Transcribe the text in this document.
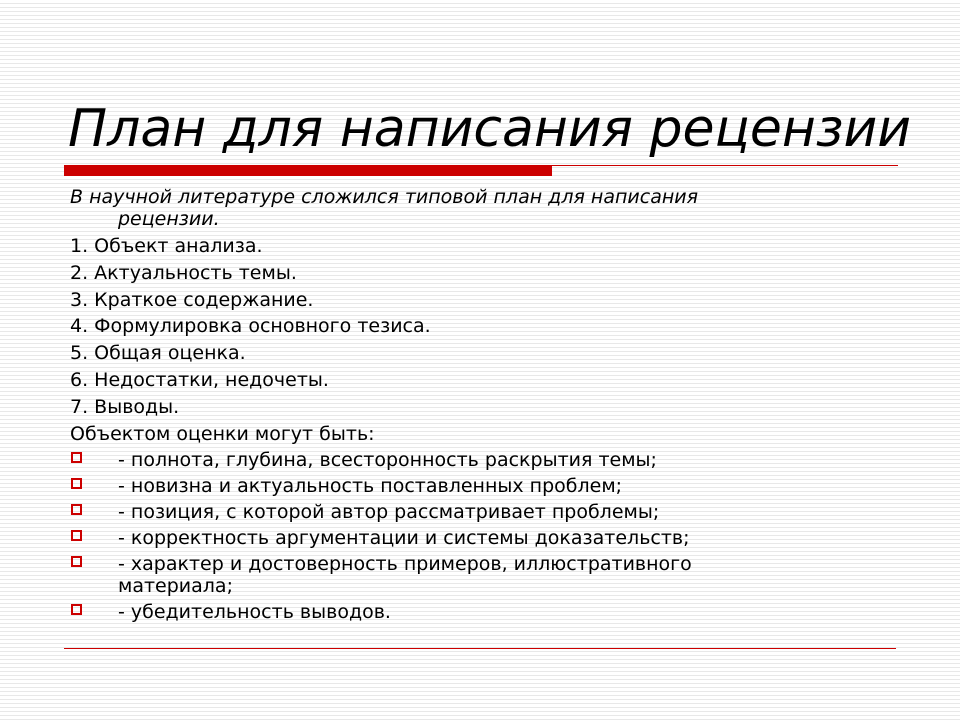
План для написания рецензии
В научной литературе сложился типовой план для написания
рецензии.
1. Объект анализа.
2. Актуальность темы.
3. Краткое содержание.
4. Формулировка основного тезиса.
5. Общая оценка.
6. Недостатки, недочеты.
7. Выводы.
Объектом оценки могут быть:
- полнота, глубина, всесторонность раскрытия темы;
- новизна и актуальность поставленных проблем;
- позиция, с которой автор рассматривает проблемы;
- корректность аргументации и системы доказательств;
- характер и достоверность примеров, иллюстративного
материала;
- убедительность выводов.
